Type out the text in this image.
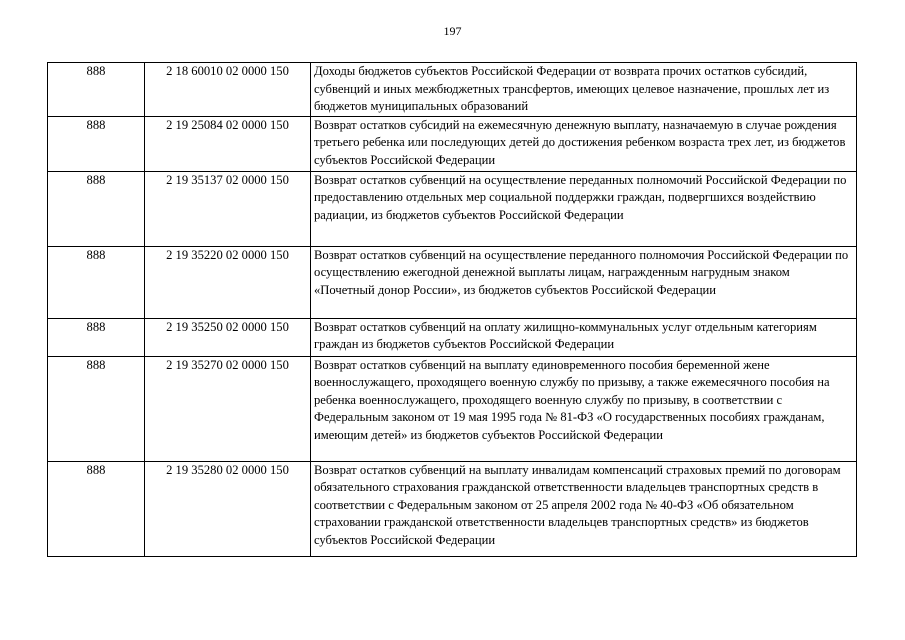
197
888	2 18 60010 02 0000 150	Доходы бюджетов субъектов Российской Федерации от возврата прочих остатков субсидий, субвенций и иных межбюджетных трансфертов, имеющих целевое назначение, прошлых лет из бюджетов муниципальных образований
888	2 19 25084 02 0000 150	Возврат остатков субсидий на ежемесячную денежную выплату, назначаемую в случае рождения третьего ребенка или последующих детей до достижения ребенком возраста трех лет, из бюджетов субъектов Российской Федерации
888	2 19 35137 02 0000 150	Возврат остатков субвенций на осуществление переданных полномочий Российской Федерации по предоставлению отдельных мер социальной поддержки граждан, подвергшихся воздействию радиации, из бюджетов субъектов Российской Федерации
888	2 19 35220 02 0000 150	Возврат остатков субвенций на осуществление переданного полномочия Российской Федерации по осуществлению ежегодной денежной выплаты лицам, награжденным нагрудным знаком «Почетный донор России», из бюджетов субъектов Российской Федерации
888	2 19 35250 02 0000 150	Возврат остатков субвенций на оплату жилищно-коммунальных услуг отдельным категориям граждан из бюджетов субъектов Российской Федерации
888	2 19 35270 02 0000 150	Возврат остатков субвенций на выплату единовременного пособия беременной жене военнослужащего, проходящего военную службу по призыву, а также ежемесячного пособия на ребенка военнослужащего, проходящего военную службу по призыву, в соответствии с Федеральным законом от 19 мая 1995 года № 81-ФЗ «О государственных пособиях гражданам, имеющим детей» из бюджетов субъектов Российской Федерации
888	2 19 35280 02 0000 150	Возврат остатков субвенций на выплату инвалидам компенсаций страховых премий по договорам обязательного страхования гражданской ответственности владельцев транспортных средств в соответствии с Федеральным законом от 25 апреля 2002 года № 40-ФЗ «Об обязательном страховании гражданской ответственности владельцев транспортных средств» из бюджетов субъектов Российской Федерации
